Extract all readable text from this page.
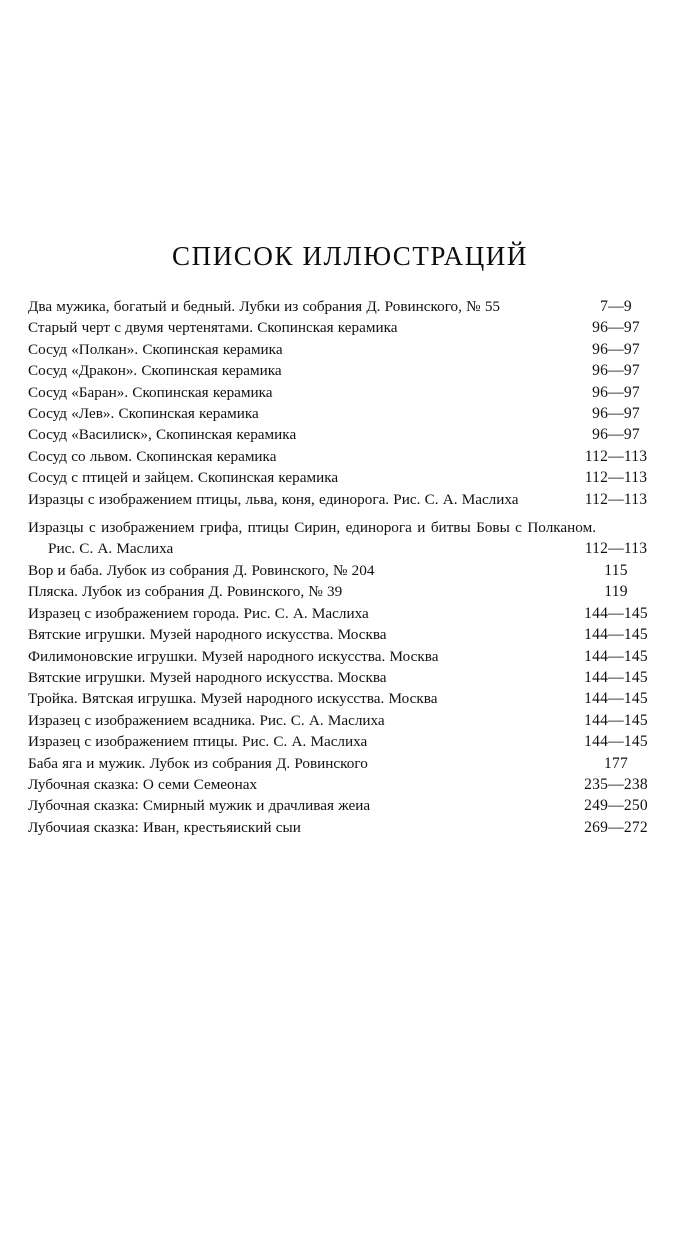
СПИСОК ИЛЛЮСТРАЦИЙ
Два мужика, богатый и бедный. Лубки из собрания Д. Ровинского, № 55	7—9
Старый черт с двумя чертенятами. Скопинская керамика	96—97
Сосуд «Полкан». Скопинская керамика	96—97
Сосуд «Дракон». Скопинская керамика	96—97
Сосуд «Баран». Скопинская керамика	96—97
Сосуд «Лев». Скопинская керамика	96—97
Сосуд «Василиск», Скопинская керамика	96—97
Сосуд со львом. Скопинская керамика	112—113
Сосуд с птицей и зайцем. Скопинская керамика	112—113
Изразцы с изображением птицы, льва, коня, единорога. Рис. С. А. Маслиха	112—113
Изразцы с изображением грифа, птицы Сирин, единорога и битвы Бовы с Полканом. Рис. С. А. Маслиха	112—113
Вор и баба. Лубок из собрания Д. Ровинского, № 204	115
Пляска. Лубок из собрания Д. Ровинского, № 39	119
Изразец с изображением города. Рис. С. А. Маслиха	144—145
Вятские игрушки. Музей народного искусства. Москва	144—145
Филимоновские игрушки. Музей народного искусства. Москва	144—145
Вятские игрушки. Музей народного искусства. Москва	144—145
Тройка. Вятская игрушка. Музей народного искусства. Москва	144—145
Изразец с изображением всадника. Рис. С. А. Маслиха	144—145
Изразец с изображением птицы. Рис. С. А. Маслиха	144—145
Баба яга и мужик. Лубок из собрания Д. Ровинского	177
Лубочная сказка: О семи Семеонах	235—238
Лубочная сказка: Смирный мужик и драчливая жеиа	249—250
Лубочиая сказка: Иван, крестьяиский сыи	269—272
